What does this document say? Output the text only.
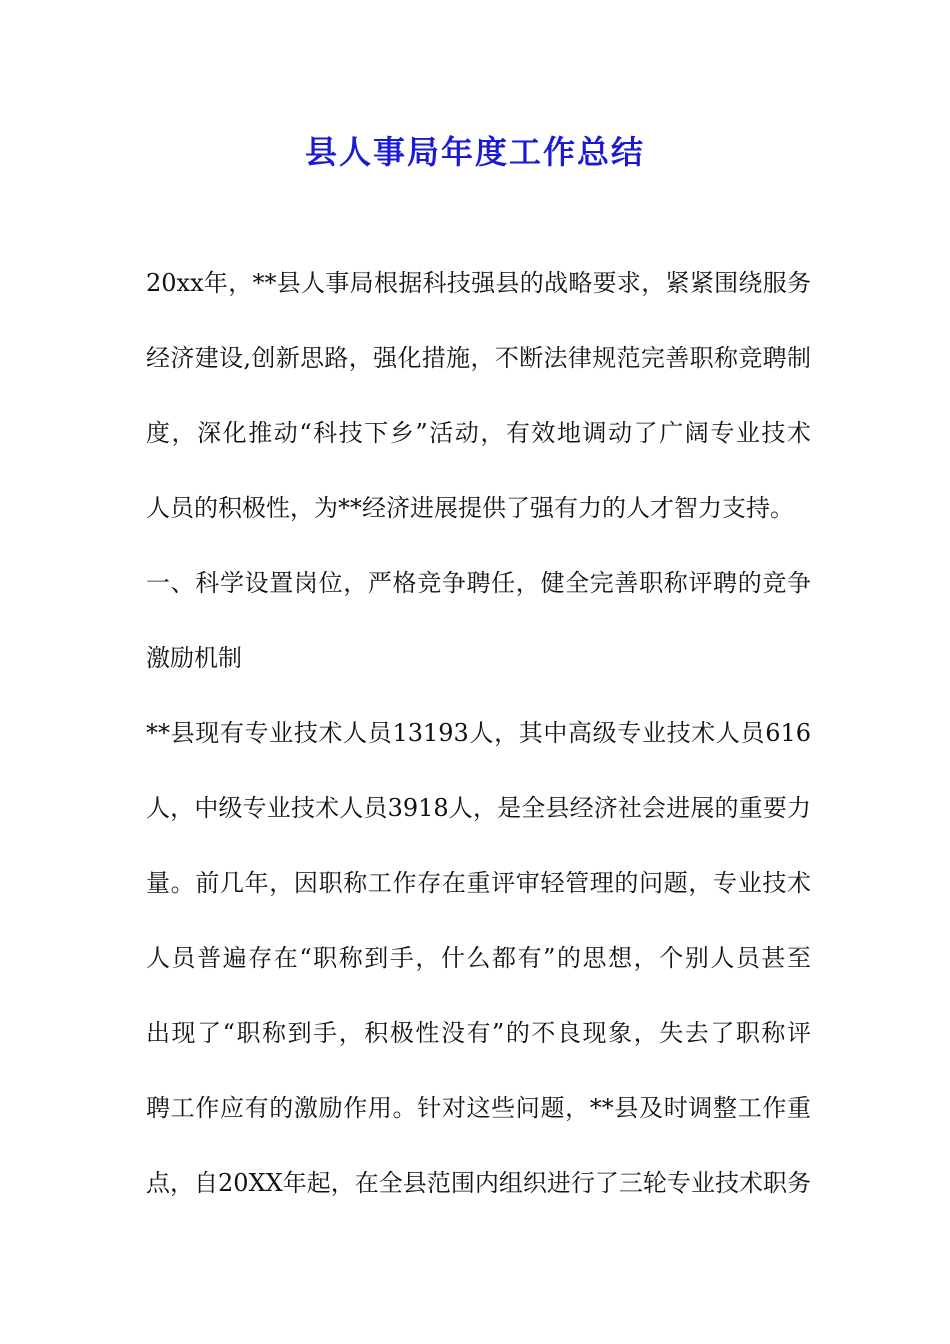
县人事局年度工作总结
20xx年，**县人事局根据科技强县的战略要求，紧紧围绕服务
经济建设,创新思路，强化措施，不断法律规范完善职称竞聘制
度，深化推动“科技下乡”活动，有效地调动了广阔专业技术
人员的积极性，为**经济进展提供了强有力的人才智力支持。
一、科学设置岗位，严格竞争聘任，健全完善职称评聘的竞争
激励机制
**县现有专业技术人员13193人，其中高级专业技术人员616
人，中级专业技术人员3918人，是全县经济社会进展的重要力
量。前几年，因职称工作存在重评审轻管理的问题，专业技术
人员普遍存在“职称到手，什么都有”的思想，个别人员甚至
出现了“职称到手，积极性没有”的不良现象，失去了职称评
聘工作应有的激励作用。针对这些问题，**县及时调整工作重
点，自20XX年起，在全县范围内组织进行了三轮专业技术职务
